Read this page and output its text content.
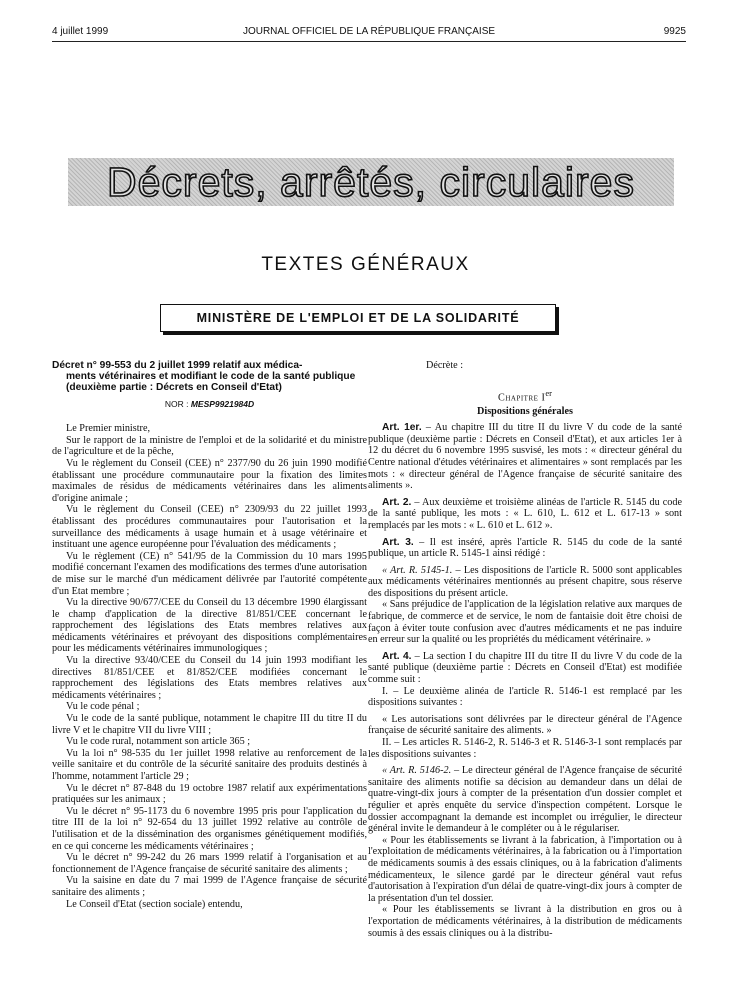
4 juillet 1999	JOURNAL OFFICIEL DE LA RÉPUBLIQUE FRANÇAISE	9925
Décrets, arrêtés, circulaires
TEXTES GÉNÉRAUX
MINISTÈRE DE L'EMPLOI ET DE LA SOLIDARITÉ
Décret n° 99-553 du 2 juillet 1999 relatif aux médica-
ments vétérinaires et modifiant le code de la santé publique (deuxième partie : Décrets en Conseil d'Etat)
NOR : MESP9921984D

Le Premier ministre,

Sur le rapport de la ministre de l'emploi et de la solidarité et du ministre de l'agriculture et de la pêche,

Vu le règlement du Conseil (CEE) n° 2377/90 du 26 juin 1990 modifié établissant une procédure communautaire pour la fixation des limites maximales de résidus de médicaments vétérinaires dans les aliments d'origine animale ;

Vu le règlement du Conseil (CEE) n° 2309/93 du 22 juillet 1993 établissant des procédures communautaires pour l'autorisation et la surveillance des médicaments à usage humain et à usage vétérinaire et instituant une agence européenne pour l'évaluation des médicaments ;

Vu le règlement (CE) n° 541/95 de la Commission du 10 mars 1995 modifié concernant l'examen des modifications des termes d'une autorisation de mise sur le marché d'un médicament délivrée par l'autorité compétente d'un Etat membre ;

Vu la directive 90/677/CEE du Conseil du 13 décembre 1990 élargissant le champ d'application de la directive 81/851/CEE concernant le rapprochement des législations des Etats membres relatives aux médicaments vétérinaires et prévoyant des dispositions complémentaires pour les médicaments vétérinaires immunologiques ;

Vu la directive 93/40/CEE du Conseil du 14 juin 1993 modifiant les directives 81/851/CEE et 81/852/CEE modifiées concernant le rapprochement des législations des Etats membres relatives aux médicaments vétérinaires ;

Vu le code pénal ;

Vu le code de la santé publique, notamment le chapitre III du titre II du livre V et le chapitre VII du livre VIII ;

Vu le code rural, notamment son article 365 ;

Vu la loi n° 98-535 du 1er juillet 1998 relative au renforcement de la veille sanitaire et du contrôle de la sécurité sanitaire des produits destinés à l'homme, notamment l'article 29 ;

Vu le décret n° 87-848 du 19 octobre 1987 relatif aux expérimentations pratiquées sur les animaux ;

Vu le décret n° 95-1173 du 6 novembre 1995 pris pour l'application du titre III de la loi n° 92-654 du 13 juillet 1992 relative au contrôle de l'utilisation et de la dissémination des organismes génétiquement modifiés, en ce qui concerne les médicaments vétérinaires ;

Vu le décret n° 99-242 du 26 mars 1999 relatif à l'organisation et au fonctionnement de l'Agence française de sécurité sanitaire des aliments ;

Vu la saisine en date du 7 mai 1999 de l'Agence française de sécurité sanitaire des aliments ;

Le Conseil d'Etat (section sociale) entendu,

Décrète :
Chapitre Ier
Dispositions générales

Art. 1er. – Au chapitre III du titre II du livre V du code de la santé publique (deuxième partie : Décrets en Conseil d'Etat), et aux articles 1er à 12 du décret du 6 novembre 1995 susvisé, les mots : « directeur général du Centre national d'études vétérinaires et alimentaires » sont remplacés par les mots : « directeur général de l'Agence française de sécurité sanitaire des aliments ».

Art. 2. – Aux deuxième et troisième alinéas de l'article R. 5145 du code de la santé publique, les mots : « L. 610, L. 612 et L. 617-13 » sont remplacés par les mots : « L. 610 et L. 612 ».

Art. 3. – Il est inséré, après l'article R. 5145 du code de la santé publique, un article R. 5145-1 ainsi rédigé :

« Art. R. 5145-1. – Les dispositions de l'article R. 5000 sont applicables aux médicaments vétérinaires mentionnés au présent chapitre, sous réserve des dispositions du présent article.

« Sans préjudice de l'application de la législation relative aux marques de fabrique, de commerce et de service, le nom de fantaisie doit être choisi de façon à éviter toute confusion avec d'autres médicaments et ne pas induire en erreur sur la qualité ou les propriétés du médicament vétérinaire. »

Art. 4. – La section I du chapitre III du titre II du livre V du code de la santé publique (deuxième partie : Décrets en Conseil d'Etat) est modifiée comme suit :

I. – Le deuxième alinéa de l'article R. 5146-1 est remplacé par les dispositions suivantes :

« Les autorisations sont délivrées par le directeur général de l'Agence française de sécurité sanitaire des aliments. »

II. – Les articles R. 5146-2, R. 5146-3 et R. 5146-3-1 sont remplacés par les dispositions suivantes :

« Art. R. 5146-2. – Le directeur général de l'Agence française de sécurité sanitaire des aliments notifie sa décision au demandeur dans un délai de quatre-vingt-dix jours à compter de la présentation d'un dossier complet et régulier et après enquête du service d'inspection compétent. Lorsque le dossier accompagnant la demande est incomplet ou irrégulier, le directeur général invite le demandeur à le compléter ou à le régulariser.

« Pour les établissements se livrant à la fabrication, à l'importation ou à l'exploitation de médicaments vétérinaires, à la fabrication ou à l'importation de médicaments soumis à des essais cliniques, ou à la fabrication d'aliments médicamenteux, le silence gardé par le directeur général vaut refus d'autorisation à l'expiration d'un délai de quatre-vingt-dix jours à compter de la présentation d'un tel dossier.

« Pour les établissements se livrant à la distribution en gros ou à l'exportation de médicaments vétérinaires, à la distribution de médicaments soumis à des essais cliniques ou à la distribu-
